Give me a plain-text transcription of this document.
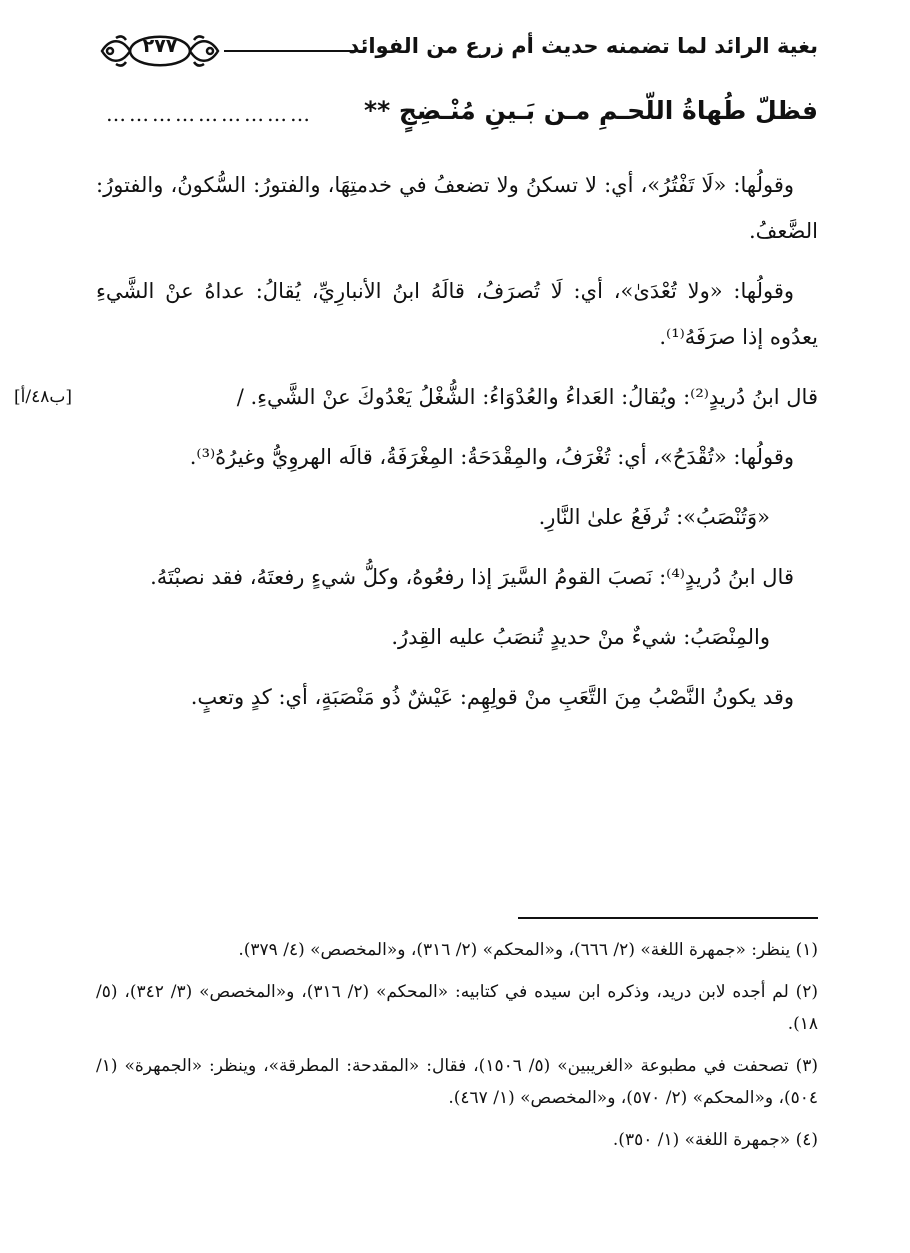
٢٧٧	بغية الرائد لما تضمنه حديث أم زرع من الفوائد
فظلّ طُهاةُ اللّحـمِ مـن بَـينِ مُنْـضِجٍ **
………………………

وقولُها: «لَا تَفْتُرُ»، أي: لا تسكنُ ولا تضعفُ في خدمتِهَا، والفتورُ: السُّكونُ، والفتورُ: الضَّعفُ.

وقولُها: «ولا تُعْدَىٰ»، أي: لَا تُصرَفُ، قالَهُ ابنُ الأنبارِيِّ، يُقالُ: عداهُ عنْ الشَّيءِ يعدُوه إذا صرَفَهُ⁽¹⁾.

قال ابنُ دُريدٍ⁽²⁾: ويُقالُ: العَداءُ والعُدْوَاءُ: الشُّغْلُ يَعْدُوكَ عنْ الشَّيءِ. /
[ب٤٨/أ]

وقولُها: «تُقْدَحُ»، أي: تُغْرَفُ، والمِقْدَحَةُ: المِغْرَفَةُ، قالَه الهروِيُّ وغيرُهُ⁽³⁾.

«وَتُنْصَبُ»: تُرفَعُ علىٰ النَّارِ.

قال ابنُ دُريدٍ⁽⁴⁾: نَصبَ القومُ السَّيرَ إذا رفعُوهُ، وكلُّ شيءٍ رفعتَهُ، فقد نصبْتَهُ.

والمِنْصَبُ: شيءٌ منْ حديدٍ تُنصَبُ عليه القِدرُ.

وقد يكونُ النَّصْبُ مِنَ التَّعَبِ منْ قولِهِم: عَيْشٌ ذُو مَنْصَبَةٍ، أي: كدٍ وتعبٍ.

(١) ينظر: «جمهرة اللغة» (٢/ ٦٦٦)، و«المحكم» (٢/ ٣١٦)، و«المخصص» (٤/ ٣٧٩).

(٢) لم أجده لابن دريد، وذكره ابن سيده في كتابيه: «المحكم» (٢/ ٣١٦)، و«المخصص» (٣/ ٣٤٢)، (٥/ ١٨).

(٣) تصحفت في مطبوعة «الغريبين» (٥/ ١٥٠٦)، فقال: «المقدحة: المطرقة»، وينظر: «الجمهرة» (١/ ٥٠٤)، و«المحكم» (٢/ ٥٧٠)، و«المخصص» (١/ ٤٦٧).

(٤) «جمهرة اللغة» (١/ ٣٥٠).
